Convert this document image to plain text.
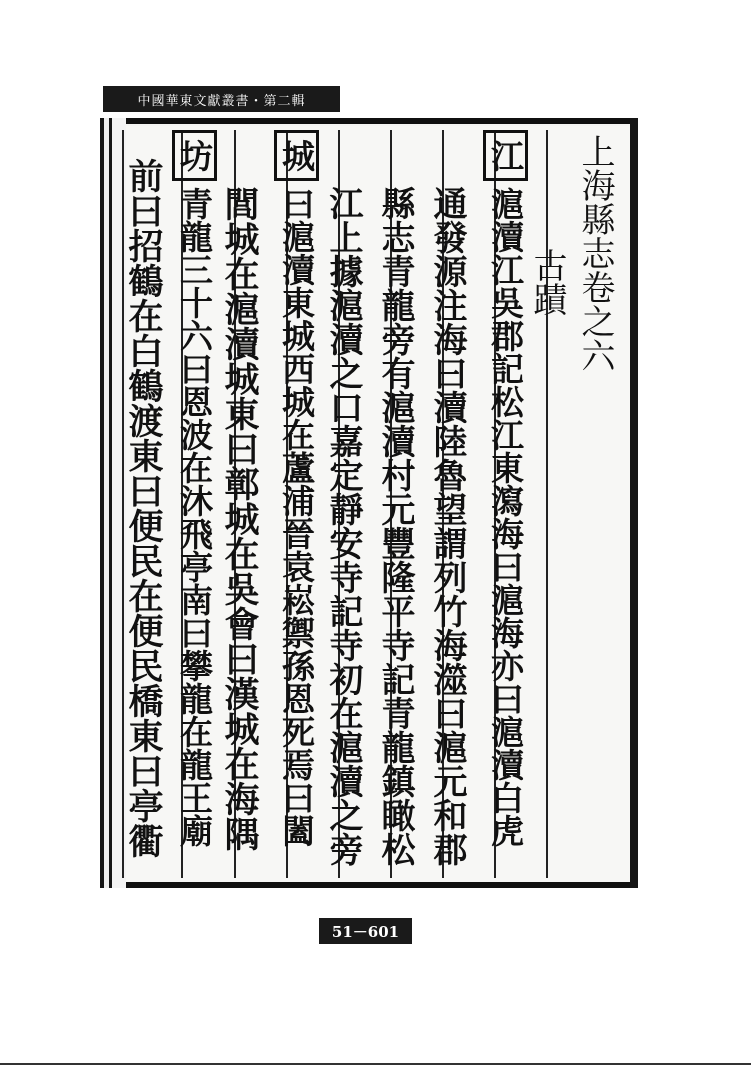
中國華東文獻叢書・第二輯
上海縣志卷之六
古蹟
江滬瀆江吳郡記松江東瀉海曰滬海亦曰滬瀆白虎
通發源注海曰瀆陸魯望謂列竹海澨曰滬元和郡
縣志青龍旁有滬瀆村元豐隆平寺記青龍鎮瞰松
江上據滬瀆之口嘉定靜安寺記寺初在滬瀆之旁
城曰滬瀆東城西城在蘆浦晉袁崧禦孫恩死焉曰闔
閭城在滬瀆城東曰鄣城在吳會曰漢城在海隅
坊青龍三十六曰恩波在沐飛亭南曰攀龍在龍王廟
前曰招鶴在白鶴渡東曰便民在便民橋東曰亭衢
51－601
